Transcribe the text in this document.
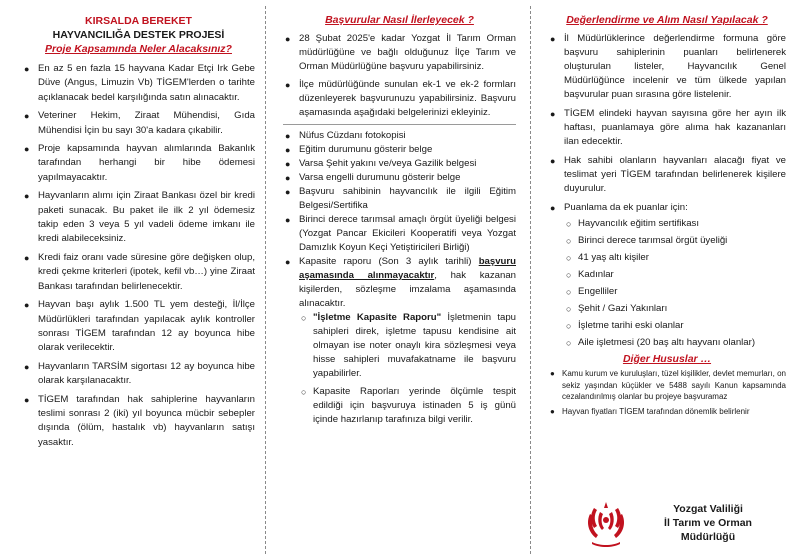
KIRSALDA BEREKET

HAYVANCILIĞA DESTEK PROJESİ

Proje Kapsamında Neler Alacaksınız?

● En az 5 en fazla 15 hayvana Kadar Etçi Irk Gebe Düve (Angus, Limuzin Vb) TİGEM'lerden o tarihte açıklanacak bedel karşılığında satın alınacaktır.
● Veteriner Hekim, Ziraat Mühendisi, Gıda Mühendisi İçin bu sayı 30'a kadara çıkabilir.
● Proje kapsamında hayvan alımlarında Bakanlık tarafından herhangi bir hibe ödemesi yapılmayacaktır.
● Hayvanların alımı için Ziraat Bankası özel bir kredi paketi sunacak. Bu paket ile ilk 2 yıl ödemesiz takip eden 3 veya 5 yıl vadeli ödeme imkanı ile kredi alabileceksiniz.
● Kredi faiz oranı vade süresine göre değişken olup, kredi çekme kriterleri (ipotek, kefil vb…) yine Ziraat Bankası tarafından belirlenecektir.
● Hayvan başı aylık 1.500 TL yem desteği, İl/İlçe Müdürlükleri tarafından yapılacak aylık kontroller sonrası TİGEM tarafından 12 ay boyunca hibe olarak verilecektir.
● Hayvanların TARSİM sigortası 12 ay boyunca hibe olarak karşılanacaktır.
● TİGEM tarafından hak sahiplerine hayvanların teslimi sonrası 2 (iki) yıl boyunca mücbir sebepler dışında (ölüm, hastalık vb) hayvanların satışı yasaktır.

Başvurular Nasıl İlerleyecek ?

● 28 Şubat 2025'e kadar Yozgat İl Tarım Orman müdürlüğüne ve bağlı olduğunuz İlçe Tarım ve Orman Müdürlüğüne başvuru yapabilirsiniz.
● İlçe müdürlüğünde sunulan ek-1 ve ek-2 formları düzenleyerek başvurunuzu yapabilirsiniz. Başvuru aşamasında aşağıdaki belgelerinizi ekleyiniz.
● Nüfus Cüzdanı fotokopisi
● Eğitim durumunu gösterir belge
● Varsa Şehit yakını ve/veya Gazilik belgesi
● Varsa engelli durumunu gösterir belge
● Başvuru sahibinin hayvancılık ile ilgili Eğitim Belgesi/Sertifika
● Birinci derece tarımsal amaçlı örgüt üyeliği belgesi (Yozgat Pancar Ekicileri Kooperatifi veya Yozgat Damızlık Koyun Keçi Yetiştiricileri Birliği)
● Kapasite raporu (Son 3 aylık tarihli) başvuru aşamasında alınmayacaktır, hak kazanan kişilerden, sözleşme imzalama aşamasında alınacaktır.
○ "İşletme Kapasite Raporu" İşletmenin tapu sahipleri direk, işletme tapusu kendisine ait olmayan ise noter onaylı kira sözleşmesi veya hisse sahipleri muvafakatname ile başvuru yapabilirler.
○ Kapasite Raporları yerinde ölçümle tespit edildiği için başvuruya istinaden 5 iş günü içinde hazırlanıp tarafınıza bilgi verilir.

Değerlendirme ve Alım Nasıl Yapılacak ?

● İl Müdürlüklerince değerlendirme formuna göre başvuru sahiplerinin puanları belirlenerek oluşturulan listeler, Hayvancılık Genel Müdürlüğünce incelenir ve tüm ülkede yapılan başvurular puan sırasına göre listelenir.
● TİGEM elindeki hayvan sayısına göre her ayın ilk haftası, puanlamaya göre alıma hak kazananları ilan edecektir.
● Hak sahibi olanların hayvanları alacağı fiyat ve teslimat yeri TİGEM tarafından belirlenerek kişilere duyurulur.
● Puanlama da ek puanlar için:
○ Hayvancılık eğitim sertifikası
○ Birinci derece tarımsal örgüt üyeliği
○ 41 yaş altı kişiler
○ Kadınlar
○ Engelliler
○ Şehit / Gazi Yakınları
○ İşletme tarihi eski olanlar
○ Aile işletmesi (20 baş altı hayvanı olanlar)

Diğer Hususlar …

● Kamu kurum ve kuruluşları, tüzel kişilikler, devlet memurları, on sekiz yaşından küçükler ve 5488 sayılı Kanun kapsamında cezalandırılmış olanlar bu projeye başvuramaz
● Hayvan fiyatları TİGEM tarafından dönemlik belirlenir
Yozgat Valiliği
İl Tarım ve Orman
Müdürlüğü
